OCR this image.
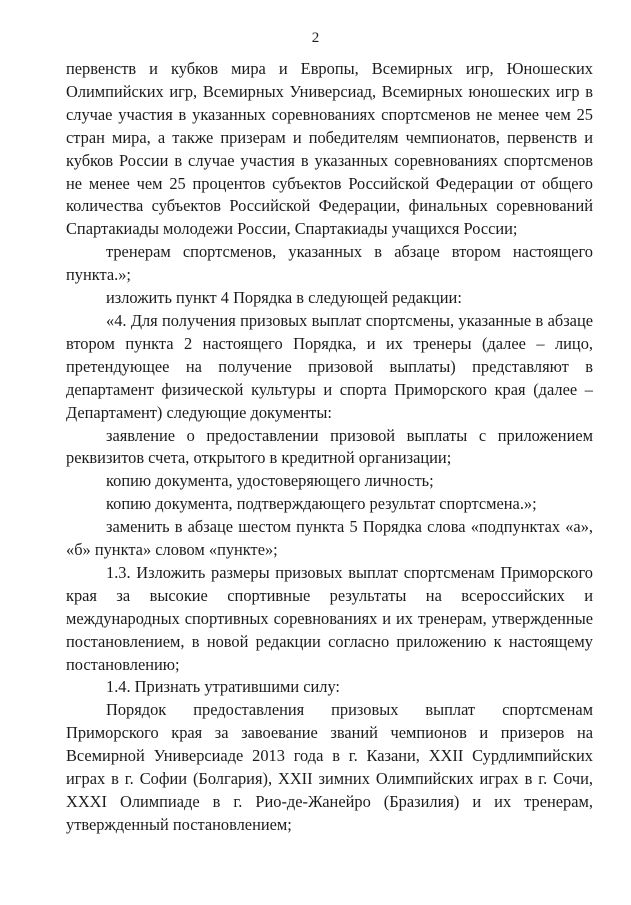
2

первенств и кубков мира и Европы, Всемирных игр, Юношеских Олимпийских игр, Всемирных Универсиад, Всемирных юношеских игр в случае участия в указанных соревнованиях спортсменов не менее чем 25 стран мира, а также призерам и победителям чемпионатов, первенств и кубков России в случае участия в указанных соревнованиях спортсменов не менее чем 25 процентов субъектов Российской Федерации от общего количества субъектов Российской Федерации, финальных соревнований Спартакиады молодежи России, Спартакиады учащихся России;

тренерам спортсменов, указанных в абзаце втором настоящего пункта.»;

изложить пункт 4 Порядка в следующей редакции:

«4. Для получения призовых выплат спортсмены, указанные в абзаце втором пункта 2 настоящего Порядка, и их тренеры (далее – лицо, претендующее на получение призовой выплаты) представляют в департамент физической культуры и спорта Приморского края (далее – Департамент) следующие документы:

заявление о предоставлении призовой выплаты с приложением реквизитов счета, открытого в кредитной организации;

копию документа, удостоверяющего личность;

копию документа, подтверждающего результат спортсмена.»;

заменить в абзаце шестом пункта 5 Порядка слова «подпунктах «а», «б» пункта» словом «пункте»;

1.3. Изложить размеры призовых выплат спортсменам Приморского края за высокие спортивные результаты на всероссийских и международных спортивных соревнованиях и их тренерам, утвержденные постановлением, в новой редакции согласно приложению к настоящему постановлению;

1.4. Признать утратившими силу:

Порядок предоставления призовых выплат спортсменам Приморского края за завоевание званий чемпионов и призеров на Всемирной Универсиаде 2013 года в г. Казани, XXII Сурдлимпийских играх в г. Софии (Болгария), XXII зимних Олимпийских играх в г. Сочи, XXXI Олимпиаде в г. Рио-де-Жанейро (Бразилия) и их тренерам, утвержденный постановлением;
